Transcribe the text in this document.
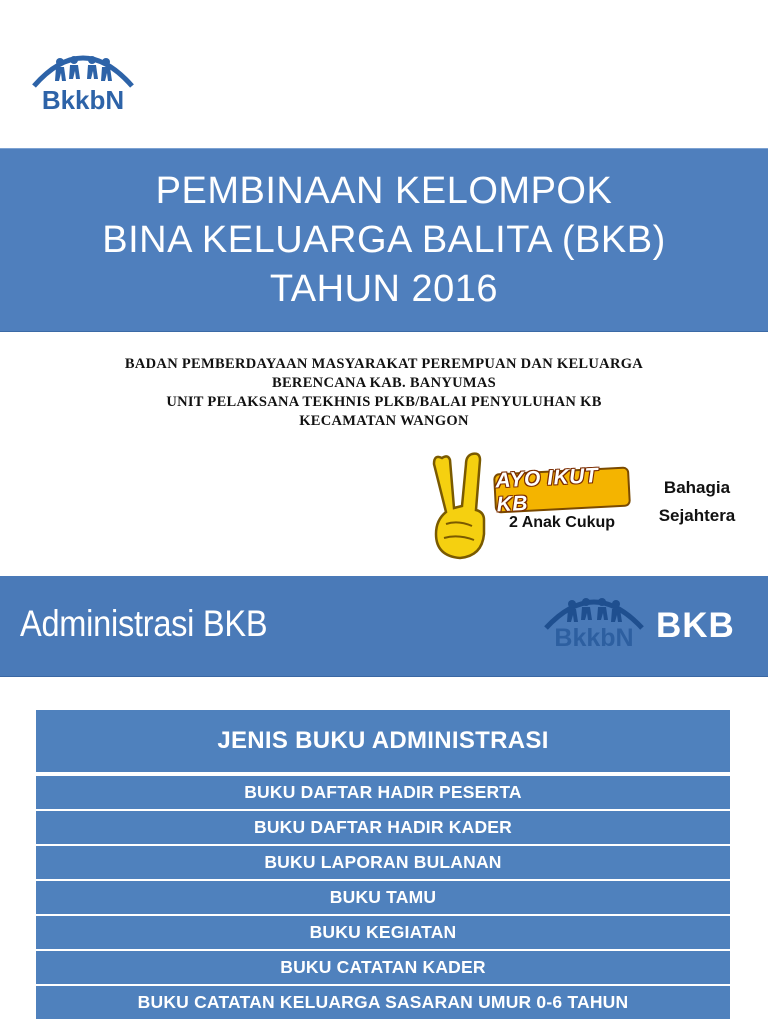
BkkbN
PEMBINAAN KELOMPOK
BINA KELUARGA BALITA (BKB)
TAHUN 2016
BADAN PEMBERDAYAAN MASYARAKAT PEREMPUAN DAN KELUARGA
BERENCANA KAB. BANYUMAS
UNIT PELAKSANA TEKHNIS PLKB/BALAI PENYULUHAN KB
KECAMATAN WANGON
AYO IKUT KB
2 Anak Cukup
Bahagia
Sejahtera
Administrasi BKB	BkkbN BKB
JENIS BUKU ADMINISTRASI
BUKU DAFTAR HADIR PESERTA
BUKU DAFTAR HADIR KADER
BUKU LAPORAN BULANAN
BUKU TAMU
BUKU KEGIATAN
BUKU CATATAN KADER
BUKU CATATAN KELUARGA SASARAN UMUR 0-6 TAHUN
